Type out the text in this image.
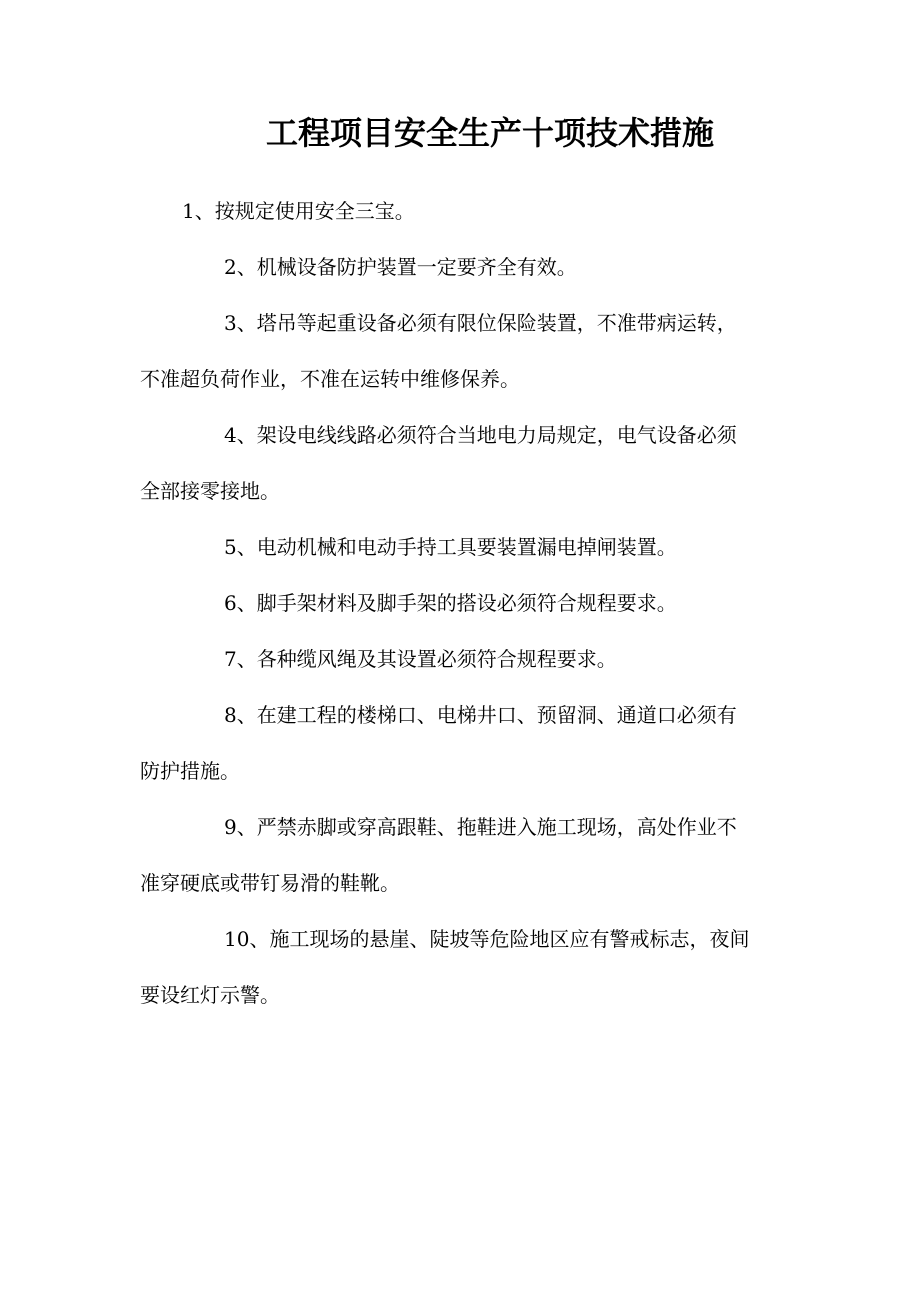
工程项目安全生产十项技术措施
1、按规定使用安全三宝。
2、机械设备防护装置一定要齐全有效。
3、塔吊等起重设备必须有限位保险装置，不准带病运转，
不准超负荷作业，不准在运转中维修保养。
4、架设电线线路必须符合当地电力局规定，电气设备必须
全部接零接地。
5、电动机械和电动手持工具要装置漏电掉闸装置。
6、脚手架材料及脚手架的搭设必须符合规程要求。
7、各种缆风绳及其设置必须符合规程要求。
8、在建工程的楼梯口、电梯井口、预留洞、通道口必须有
防护措施。
9、严禁赤脚或穿高跟鞋、拖鞋进入施工现场，高处作业不
准穿硬底或带钉易滑的鞋靴。
10、施工现场的悬崖、陡坡等危险地区应有警戒标志，夜间
要设红灯示警。
